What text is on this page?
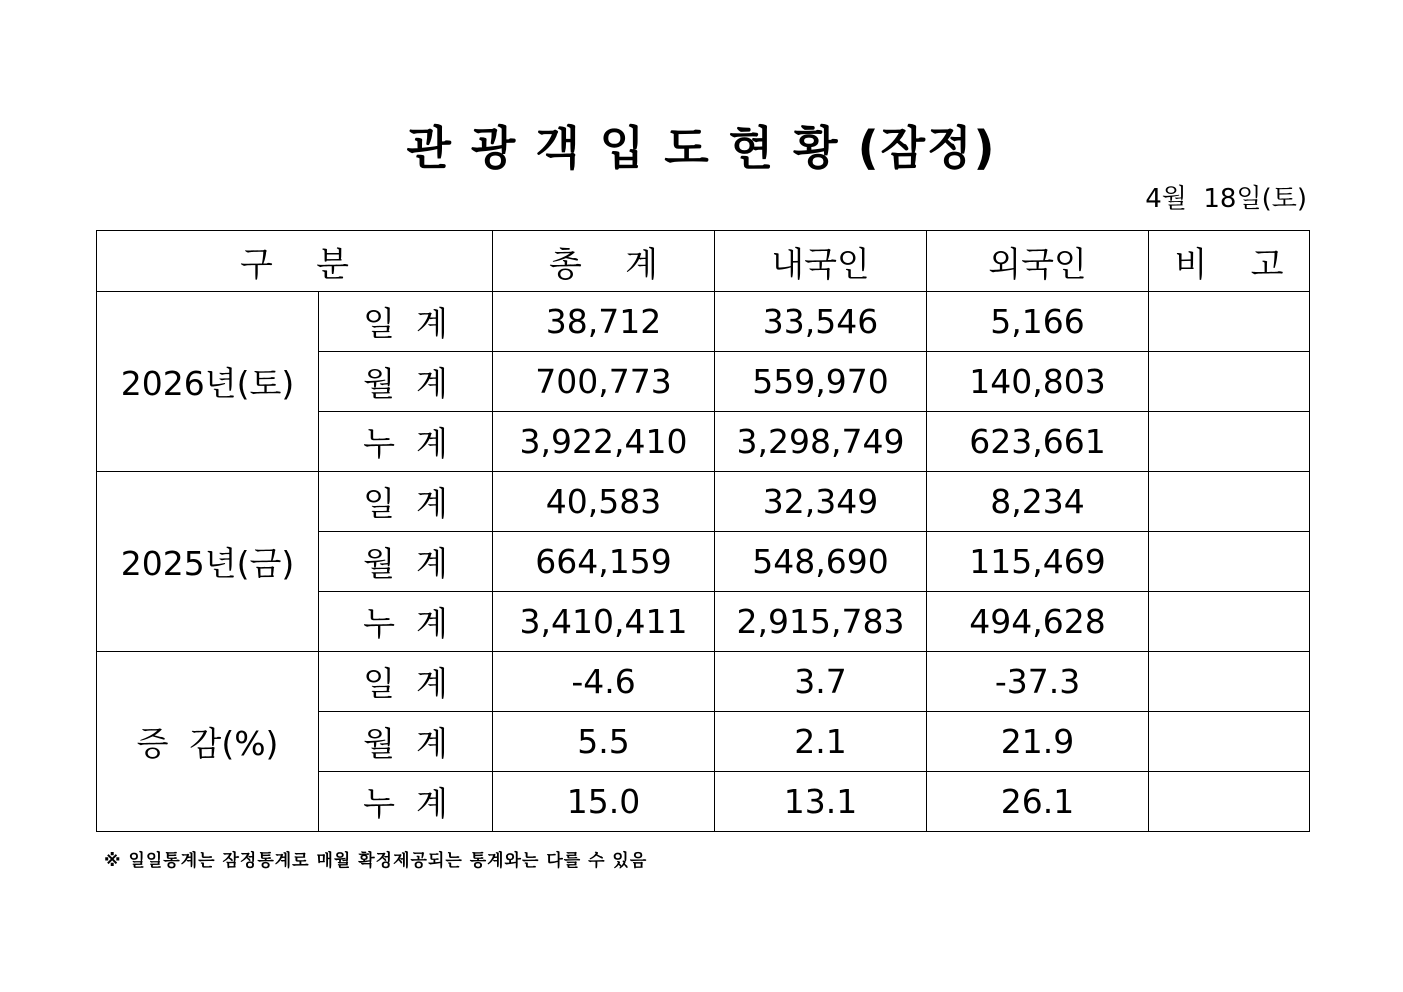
관 광 객 입 도 현 황 (잠정)
4월  18일(토)
구    분		총    계	내국인	외국인	비    고
2026년(토)	일  계	38,712	33,546	5,166	
	월  계	700,773	559,970	140,803	
	누  계	3,922,410	3,298,749	623,661	
2025년(금)	일  계	40,583	32,349	8,234	
	월  계	664,159	548,690	115,469	
	누  계	3,410,411	2,915,783	494,628	
증  감(%)	일  계	-4.6	3.7	-37.3	
	월  계	5.5	2.1	21.9	
	누  계	15.0	13.1	26.1	
※ 일일통계는 잠정통계로 매월 확정제공되는 통계와는 다를 수 있음
